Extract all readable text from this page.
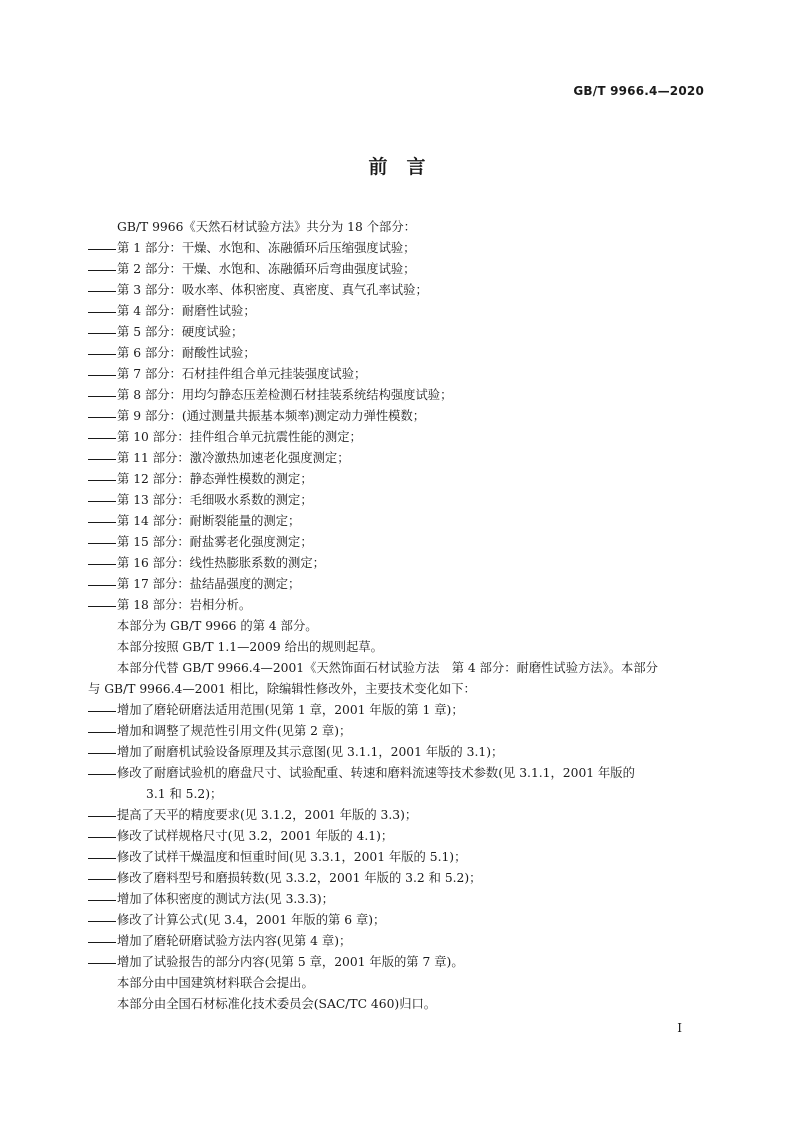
GB/T 9966.4—2020
前　言
GB/T 9966《天然石材试验方法》共分为 18 个部分：
第 1 部分：干燥、水饱和、冻融循环后压缩强度试验；
第 2 部分：干燥、水饱和、冻融循环后弯曲强度试验；
第 3 部分：吸水率、体积密度、真密度、真气孔率试验；
第 4 部分：耐磨性试验；
第 5 部分：硬度试验；
第 6 部分：耐酸性试验；
第 7 部分：石材挂件组合单元挂装强度试验；
第 8 部分：用均匀静态压差检测石材挂装系统结构强度试验；
第 9 部分：(通过测量共振基本频率)测定动力弹性模数；
第 10 部分：挂件组合单元抗震性能的测定；
第 11 部分：激冷激热加速老化强度测定；
第 12 部分：静态弹性模数的测定；
第 13 部分：毛细吸水系数的测定；
第 14 部分：耐断裂能量的测定；
第 15 部分：耐盐雾老化强度测定；
第 16 部分：线性热膨胀系数的测定；
第 17 部分：盐结晶强度的测定；
第 18 部分：岩相分析。
本部分为 GB/T 9966 的第 4 部分。
本部分按照 GB/T 1.1—2009 给出的规则起草。
本部分代替 GB/T 9966.4—2001《天然饰面石材试验方法　第 4 部分：耐磨性试验方法》。本部分
与 GB/T 9966.4—2001 相比，除编辑性修改外，主要技术变化如下：
增加了磨轮研磨法适用范围(见第 1 章，2001 年版的第 1 章)；
增加和调整了规范性引用文件(见第 2 章)；
增加了耐磨机试验设备原理及其示意图(见 3.1.1，2001 年版的 3.1)；
修改了耐磨试验机的磨盘尺寸、试验配重、转速和磨料流速等技术参数(见 3.1.1，2001 年版的
3.1 和 5.2)；
提高了天平的精度要求(见 3.1.2，2001 年版的 3.3)；
修改了试样规格尺寸(见 3.2，2001 年版的 4.1)；
修改了试样干燥温度和恒重时间(见 3.3.1，2001 年版的 5.1)；
修改了磨料型号和磨损转数(见 3.3.2，2001 年版的 3.2 和 5.2)；
增加了体积密度的测试方法(见 3.3.3)；
修改了计算公式(见 3.4，2001 年版的第 6 章)；
增加了磨轮研磨试验方法内容(见第 4 章)；
增加了试验报告的部分内容(见第 5 章，2001 年版的第 7 章)。
本部分由中国建筑材料联合会提出。
本部分由全国石材标准化技术委员会(SAC/TC 460)归口。
I
